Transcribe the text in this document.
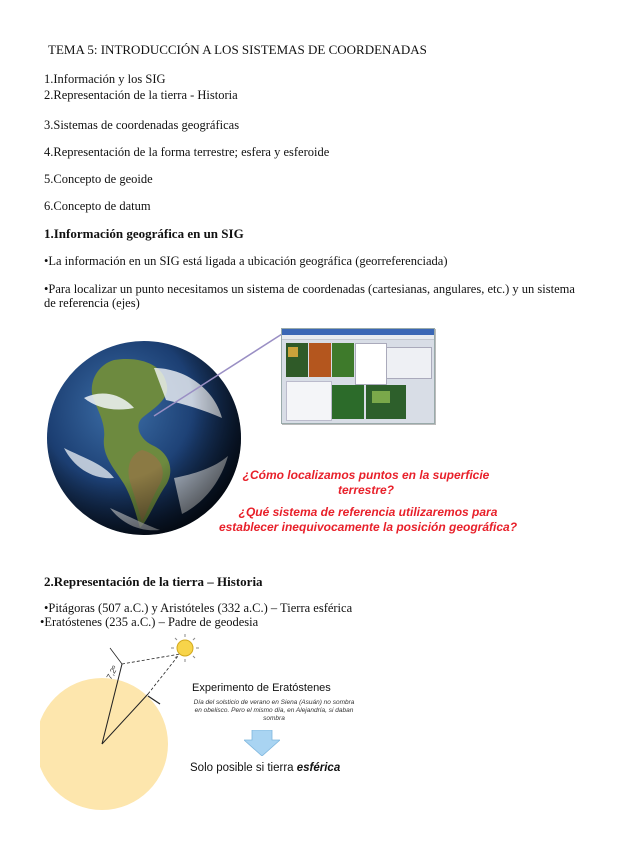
TEMA 5: INTRODUCCIÓN A LOS SISTEMAS DE COORDENADAS
1.Información y los SIG
2.Representación de la tierra - Historia
3.Sistemas de coordenadas geográficas
4.Representación de la forma terrestre; esfera y esferoide
5.Concepto de geoide
6.Concepto de datum
1.Información geográfica en un SIG
•La información en un SIG está ligada a ubicación geográfica (georreferenciada)
•Para localizar un punto necesitamos un sistema de coordenadas (cartesianas, angulares, etc.) y un sistema
de referencia (ejes)
¿Cómo localizamos puntos en la superficie
terrestre?
¿Qué sistema de referencia utilizaremos para
establecer inequivocamente la posición geográfica?
2.Representación de la tierra – Historia
•Pitágoras (507 a.C.) y Aristóteles (332 a.C.) – Tierra esférica
•Eratóstenes (235 a.C.) – Padre de geodesia
7,2º
Experimento de Eratóstenes
Día del solsticio de verano en Siena (Asuán) no sombra
en obelisco. Pero el mismo día, en Alejandría, si daban
sombra
Solo posible si tierra esférica
